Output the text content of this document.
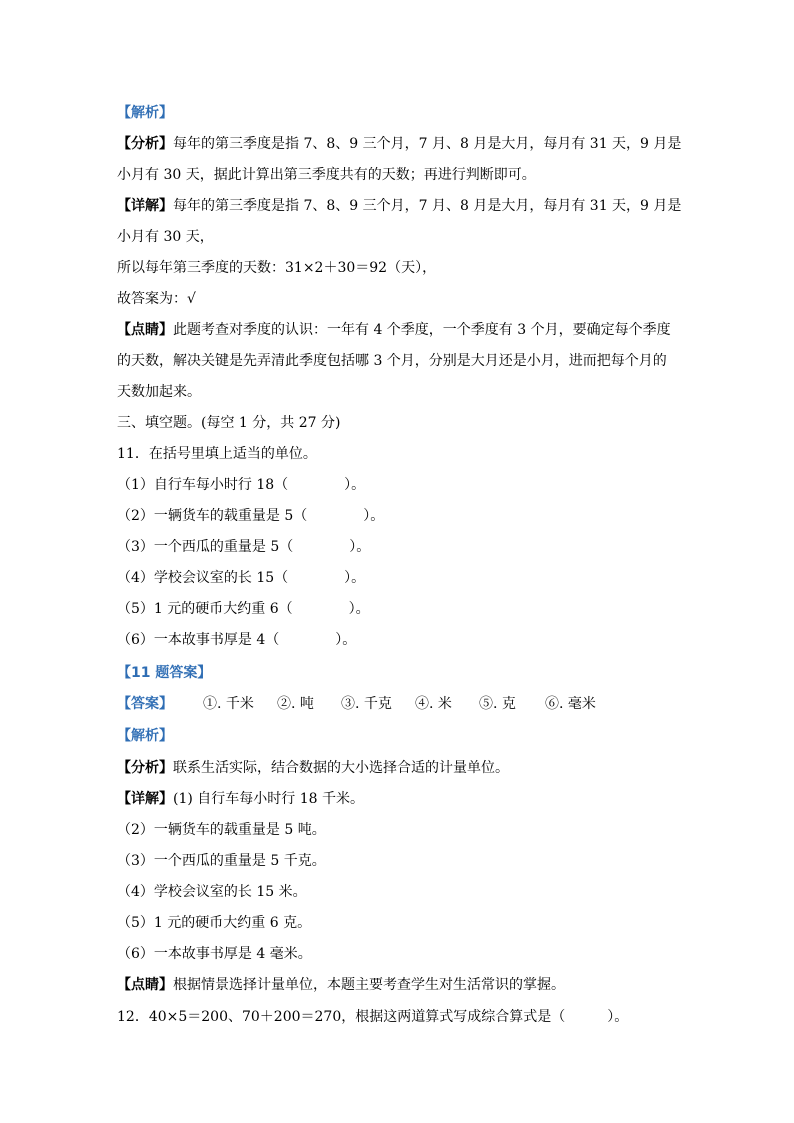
【解析】
【分析】每年的第三季度是指 7、8、9 三个月，7 月、8 月是大月，每月有 31 天，9 月是
小月有 30 天，据此计算出第三季度共有的天数；再进行判断即可。
【详解】每年的第三季度是指 7、8、9 三个月，7 月、8 月是大月，每月有 31 天，9 月是
小月有 30 天，
所以每年第三季度的天数：31×2＋30＝92（天），
故答案为：√
【点睛】此题考查对季度的认识：一年有 4 个季度，一个季度有 3 个月，要确定每个季度
的天数，解决关键是先弄清此季度包括哪 3 个月，分别是大月还是小月，进而把每个月的
天数加起来。
三、填空题。(每空 1 分，共 27 分)
11．在括号里填上适当的单位。
（1）自行车每小时行 18（　　　　）。
（2）一辆货车的载重量是 5（　　　　）。
（3）一个西瓜的重量是 5（　　　　）。
（4）学校会议室的长 15（　　　　）。
（5）1 元的硬币大约重 6（　　　　）。
（6）一本故事书厚是 4（　　　　）。
【11 题答案】
【答案】 ①. 千米 ②. 吨 ③. 千克 ④. 米 ⑤. 克 ⑥. 毫米
【解析】
【分析】联系生活实际，结合数据的大小选择合适的计量单位。
【详解】(1) 自行车每小时行 18 千米。
（2）一辆货车的载重量是 5 吨。
（3）一个西瓜的重量是 5 千克。
（4）学校会议室的长 15 米。
（5）1 元的硬币大约重 6 克。
（6）一本故事书厚是 4 毫米。
【点睛】根据情景选择计量单位，本题主要考查学生对生活常识的掌握。
12．40×5＝200、70＋200＝270，根据这两道算式写成综合算式是（　　　）。
